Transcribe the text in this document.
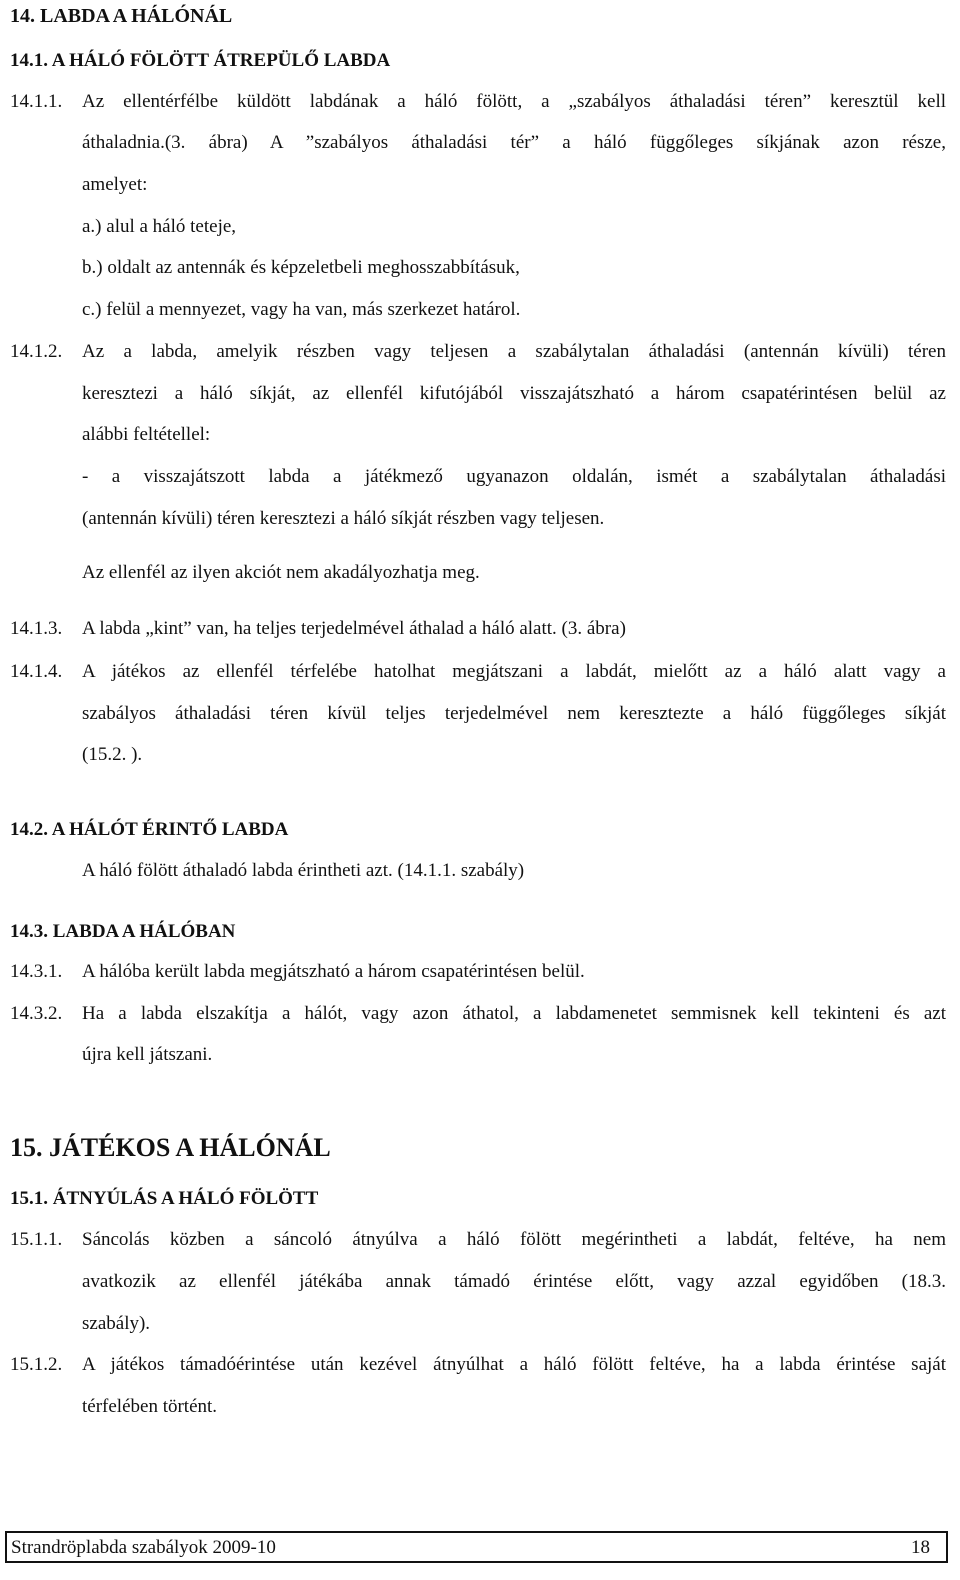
14. LABDA A HÁLÓNÁL
14.1. A HÁLÓ FÖLÖTT ÁTREPÜLŐ LABDA
14.1.1. Az ellentérfélbe küldött labdának a háló fölött, a „szabályos áthaladási téren” keresztül kell
áthaladnia.(3. ábra) A ”szabályos áthaladási tér” a háló függőleges síkjának azon része,
amelyet:
a.) alul a háló teteje,
b.) oldalt az antennák és képzeletbeli meghosszabbításuk,
c.) felül a mennyezet, vagy ha van, más szerkezet határol.
14.1.2. Az a labda, amelyik részben vagy teljesen a szabálytalan áthaladási (antennán kívüli) téren
keresztezi a háló síkját, az ellenfél kifutójából visszajátszható a három csapatérintésen belül az
alábbi feltétellel:
- a visszajátszott labda a játékmező ugyanazon oldalán, ismét a szabálytalan áthaladási
(antennán kívüli) téren keresztezi a háló síkját részben vagy teljesen.
Az ellenfél az ilyen akciót nem akadályozhatja meg.
14.1.3. A labda „kint” van, ha teljes terjedelmével áthalad a háló alatt. (3. ábra)
14.1.4. A játékos az ellenfél térfelébe hatolhat megjátszani a labdát, mielőtt az a háló alatt vagy a
szabályos áthaladási téren kívül teljes terjedelmével nem keresztezte a háló függőleges síkját
(15.2. ).
14.2. A HÁLÓT ÉRINTŐ LABDA
A háló fölött áthaladó labda érintheti azt. (14.1.1. szabály)
14.3. LABDA A HÁLÓBAN
14.3.1. A hálóba került labda megjátszható a három csapatérintésen belül.
14.3.2. Ha a labda elszakítja a hálót, vagy azon áthatol, a labdamenetet semmisnek kell tekinteni és azt
újra kell játszani.
15. JÁTÉKOS A HÁLÓNÁL
15.1. ÁTNYÚLÁS A HÁLÓ FÖLÖTT
15.1.1. Sáncolás közben a sáncoló átnyúlva a háló fölött megérintheti a labdát, feltéve, ha nem
avatkozik az ellenfél játékába annak támadó érintése előtt, vagy azzal egyidőben (18.3.
szabály).
15.1.2. A játékos támadóérintése után kezével átnyúlhat a háló fölött feltéve, ha a labda érintése saját
térfelében történt.
Strandröplabda szabályok 2009-10	18
